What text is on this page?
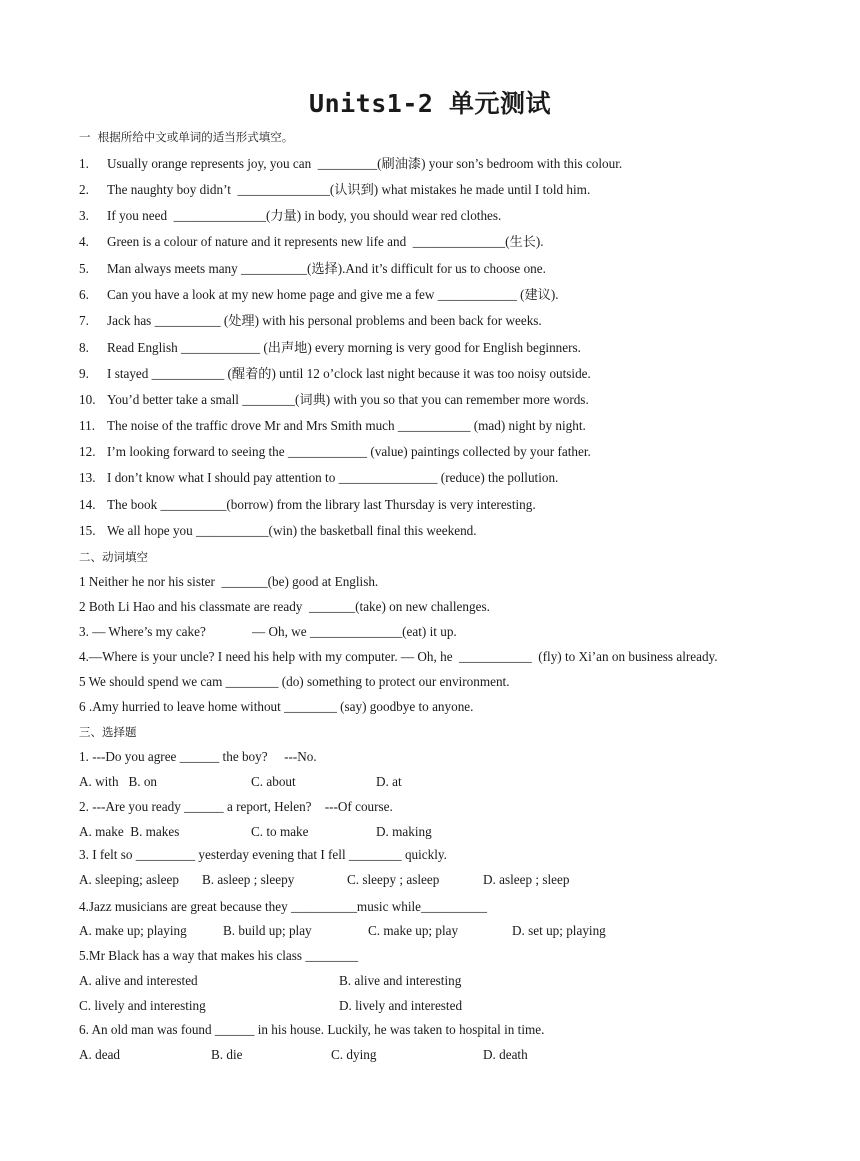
Units1-2 单元测试
一  根据所给中文或单词的适当形式填空。
1. Usually orange represents joy, you can  _________(刷油漆) your son’s bedroom with this colour.
2. The naughty boy didn’t  ______________(认识到) what mistakes he made until I told him.
3. If you need  ______________(力量) in body, you should wear red clothes.
4. Green is a colour of nature and it represents new life and  ______________(生长).
5. Man always meets many __________(选择).And it’s difficult for us to choose one.
6. Can you have a look at my new home page and give me a few ____________ (建议).
7. Jack has __________ (处理) with his personal problems and been back for weeks.
8. Read English ____________ (出声地) every morning is very good for English beginners.
9. I stayed ___________ (醒着的) until 12 o’clock last night because it was too noisy outside.
10. You’d better take a small ________(词典) with you so that you can remember more words.
11. The noise of the traffic drove Mr and Mrs Smith much ___________ (mad) night by night.
12. I’m looking forward to seeing the ____________ (value) paintings collected by your father.
13. I don’t know what I should pay attention to _______________ (reduce) the pollution.
14. The book __________(borrow) from the library last Thursday is very interesting.
15. We all hope you ___________(win) the basketball final this weekend.
二、动词填空
1 Neither he nor his sister  _______(be) good at English.
2 Both Li Hao and his classmate are ready  _______(take) on new challenges.
3. — Where’s my cake?              — Oh, we ______________(eat) it up.
4.—Where is your uncle? I need his help with my computer. — Oh, he  ___________  (fly) to Xi’an on business already.
5 We should spend we cam ________ (do) something to protect our environment.
6 .Amy hurried to leave home without ________ (say) goodbye to anyone.
三、选择题
1. ---Do you agree ______ the boy?     ---No.
A. with   B. on	C. about	D. at
2. ---Are you ready ______ a report, Helen?    ---Of course.
A. make  B. makes	C. to make	D. making
3. I felt so _________ yesterday evening that I fell ________ quickly.
A. sleeping; asleep B. asleep ; sleepy	C. sleepy ; asleep	D. asleep ; sleep
4.Jazz musicians are great because they __________music while__________
A. make up; playing	B. build up; play	C. make up; play	D. set up; playing
5.Mr Black has a way that makes his class ________
A. alive and interested	B. alive and interesting
C. lively and interesting	D. lively and interested
6. An old man was found ______ in his house. Luckily, he was taken to hospital in time.
A. dead	B. die	C. dying	D. death
